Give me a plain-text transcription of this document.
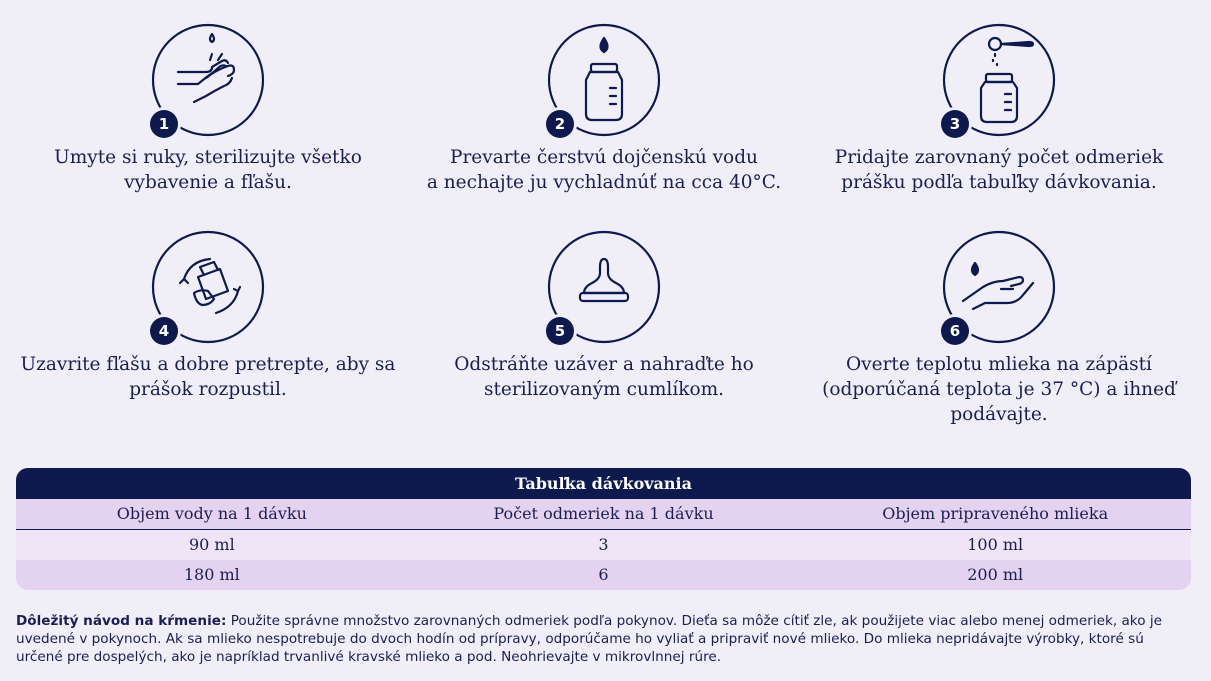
1
Umyte si ruky, sterilizujte všetko
vybavenie a fľašu.
2
Prevarte čerstvú dojčenskú vodu
a nechajte ju vychladnúť na cca 40°C.
3
Pridajte zarovnaný počet odmeriek
prášku podľa tabuľky dávkovania.
4
Uzavrite fľašu a dobre pretrepte, aby sa
prášok rozpustil.
5
Odstráňte uzáver a nahraďte ho
sterilizovaným cumlíkom.
6
Overte teplotu mlieka na zápästí
(odporúčaná teplota je 37 °C) a ihneď
podávajte.
Tabuľka dávkovania
Objem vody na 1 dávku	Počet odmeriek na 1 dávku	Objem pripraveného mlieka
90 ml	3	100 ml
180 ml	6	200 ml
Dôležitý návod na kŕmenie: Použite správne množstvo zarovnaných odmeriek podľa pokynov. Dieťa sa môže cítiť zle, ak použijete viac alebo menej odmeriek, ako je uvedené v pokynoch. Ak sa mlieko nespotrebuje do dvoch hodín od prípravy, odporúčame ho vyliať a pripraviť nové mlieko. Do mlieka nepridávajte výrobky, ktoré sú určené pre dospelých, ako je napríklad trvanlivé kravské mlieko a pod. Neohrievajte v mikrovlnnej rúre.
